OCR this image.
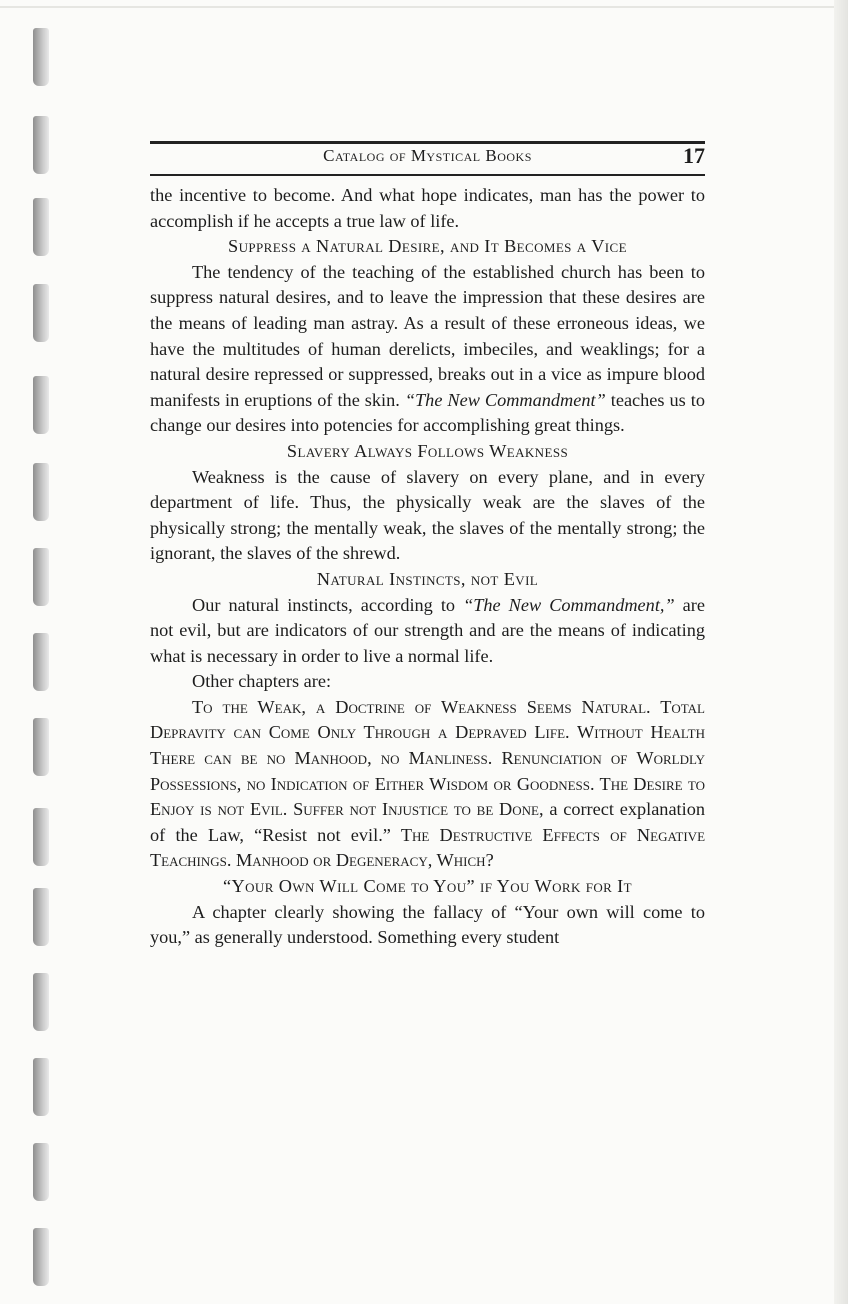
Catalog of Mystical Books	17

the incentive to become. And what hope indicates, man has the power to accomplish if he accepts a true law of life.

Suppress a Natural Desire, and It Becomes a Vice

The tendency of the teaching of the established church has been to suppress natural desires, and to leave the impression that these desires are the means of leading man astray. As a result of these erroneous ideas, we have the multitudes of human derelicts, imbeciles, and weaklings; for a natural desire repressed or suppressed, breaks out in a vice as impure blood manifests in eruptions of the skin. “The New Commandment” teaches us to change our desires into potencies for accomplishing great things.

Slavery Always Follows Weakness

Weakness is the cause of slavery on every plane, and in every department of life. Thus, the physically weak are the slaves of the physically strong; the mentally weak, the slaves of the mentally strong; the ignorant, the slaves of the shrewd.

Natural Instincts, not Evil

Our natural instincts, according to “The New Commandment,” are not evil, but are indicators of our strength and are the means of indicating what is necessary in order to live a normal life.

Other chapters are:

To the Weak, a Doctrine of Weakness Seems Natural. Total Depravity can Come Only Through a Depraved Life. Without Health There can be no Manhood, no Manliness. Renunciation of Worldly Possessions, no Indication of Either Wisdom or Goodness. The Desire to Enjoy is not Evil. Suffer not Injustice to be Done, a correct explanation of the Law, “Resist not evil.” The Destructive Effects of Negative Teachings. Manhood or Degeneracy, Which?

“Your Own Will Come to You” if You Work for It

A chapter clearly showing the fallacy of “Your own will come to you,” as generally understood. Something every student
